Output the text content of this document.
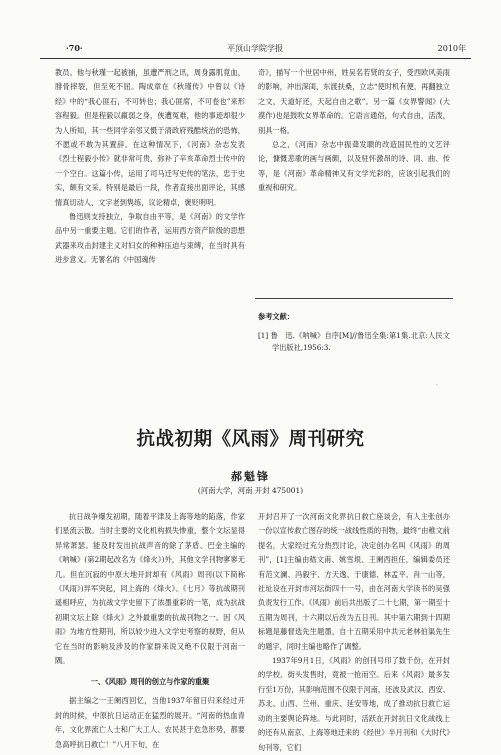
·70·	平顶山学院学报	2010年

教员。他与秋瑾一起被捕，虽遭严刑之讯，周身露肌竟血，腓骨摔裂，但至死不屈。陶成章在《秋瑾传》中曾以《诗经》中的“我心匪石，不可转也；我心匪席，不可卷也”来形容程毅。但是程毅以羸弱之身，俠遭冤难，他的事迹却很少为人所知，其一些同学亲邻又慑于清政府残酷统治的恐怖，不愿或不敢为其置辞。在这种情况下，《河南》杂志发表《烈士程毅小传》就非常可贵，弥补了辛亥革命烈士传中的一个空白。这篇小传，运用了司马迁写史传的笔法，忠于史实，颇有文采。特别是最后一段，作者直接出面评论，其感情真切动人，文字老到隽练，议论精卓，褒贬明明。

鲁迅则支持独立，争取自由平等，是《河南》的文学作品中另一重要主题。它们的作者，运用西方资产阶级的思想武器来攻击封建主义对妇女的种种压迫与束缚，在当时具有进步意义。无署名的《中国魂传

奇》，描写一个世居中州，姓吴名若贤的女子，受西欧风美雨的影响，冲出深闺，东渡扶桑，立志“使时机有便，再翻独立之文，天道好还，天起自由之歌”。另一篇《女界警闻》(大漠作)也是鼓吹女界革命的。它语言通俗，句式自由，活泼，别具一格。

总之，《河南》杂志中振聋发聩的改造国民性的文艺评论，慷慨悲歌的画与画颇，以及驻怀激昂的诗、词、曲、传等，是《河南》革命精神又有文学光彩的，应该引起我们的重视和研究。

参考文献：
[1] 鲁　迅.《呐喊》自序[M]//鲁迅全集:第1集.北京:人民文学出版社,1956:3.
·
抗战初期《风雨》周刊研究
郝魁锋
(河南大学，河南 开封 475001)

抗日战争爆发初期，随着平津及上海等地的陷落，作家们星流云散。当时主要的文化机构损失惨重，整个文坛显得异常萧瑟。能及时发出抗战声音的除了茅盾、巴金主编的《呐喊》(第2期起改名为《烽火》)外，其他文学刊物寥寥无几。但在沉寂的中原大地开封却有《风雨》周刊(以下简称《风雨》)异军突起，同上海的《烽火》、《七月》等抗战期刊遥相呼应，为抗战文学史留下了浓墨重彩的一笔，成为抗战初期文坛上除《烽火》之外最重要的抗战刊物之一。因《风雨》为地方性期刊，所以较少进入文学史考察的视野，但从它在当时的影响及涉及的作家群来说又绝不仅限于河南一隅。

一、《风雨》周刊的创立与作家的重聚

据主编之一王阑西回忆，当他1937年留日归来经过开封的时候，中原抗日运动正在猛烈的展开。“河南的热血青年，文化界流亡人士和广大工人、农民甚于危急形势，都要急高呼抗日救亡！”八月下旬，在

开封召开了一次河南文化界抗日救亡座谈会，有人主张创办一份以宣传救亡图存的统一战线性质的刊物，最终“由稚文前提名，大家经过充分热烈讨论，决定创办名叫《风雨》的周刊”，[1]主编由嵇文甫、姚雪垠、王阑西担任，编辑委员还有范文澜、冯毅宇、方天逸、于康德、林孟平、肖一山等，社址设在开封市河坛街四十一号，由在河南大学读书的吴强负责发行工作。《风雨》前后共出版了二十七期，第一期至十五期为周刊，十六期以后改为五日刊。其中第六期到十四期标题是藤督选先生题墨，自十五期采用中共元老林伯渠先生的题字，同时主编也略作了调整。

1937年9月1日，《风雨》的创刊号印了数千份，在开封的学校、街头发售时，竟被一抢而空。后来《风雨》最多发行至1万份，其影响范围不仅限于河南，还波及武汉、西安、苏北、山西、兰州、重庆、延安等地，成了推动抗日救亡运动的主要舆论阵地。与此同时，活跃在开封抗日文化战线上的还有从南京、上海等地迁来的《经世》半月刊和《大时代》旬刊等，它们
